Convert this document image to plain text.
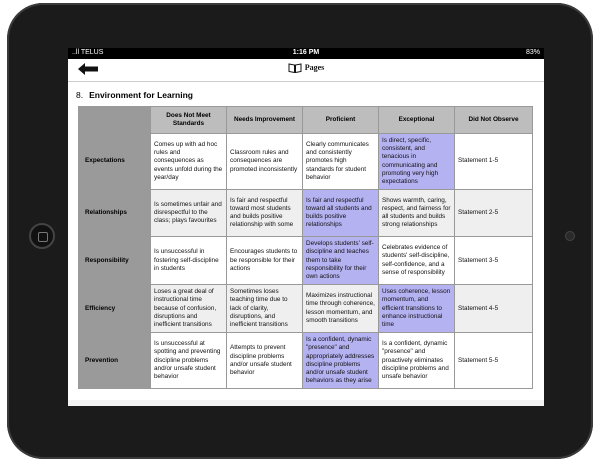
..ll TELUS	1:16 PM	83%
Pages
8. Environment for Learning
	Does Not Meet Standards	Needs Improvement	Proficient	Exceptional	Did Not Observe
Expectations	Comes up with ad hoc rules and consequences as events unfold during the year/day	Classroom rules and consequences are promoted inconsistently	Clearly communicates and consistently promotes high standards for student behavior	Is direct, specific, consistent, and tenacious in communicating and promoting very high expectations	Statement 1-5
Relationships	Is sometimes unfair and disrespectful to the class; plays favourites	Is fair and respectful toward most students and builds positive relationship with some	Is fair and respectful toward all students and builds positive relationships	Shows warmth, caring, respect, and fairness for all students and builds strong relationships	Statement 2-5
Responsibility	Is unsuccessful in fostering self-discipline in students	Encourages students to be responsible for their actions	Develops students' self-discipline and teaches them to take responsibility for their own actions	Celebrates evidence of students' self-discipline, self-confidence, and a sense of responsibility	Statement 3-5
Efficiency	Loses a great deal of instructional time because of confusion, disruptions and inefficient transitions	Sometimes loses teaching time due to lack of clarity, disruptions, and inefficient transitions	Maximizes instructional time through coherence, lesson momentum, and smooth transitions	Uses coherence, lesson momentum, and efficient transitions to enhance instructional time	Statement 4-5
Prevention	Is unsuccessful at spotting and preventing discipline problems and/or unsafe student behavior	Attempts to prevent discipline problems and/or unsafe student behavior	Is a confident, dynamic "presence" and appropriately addresses discipline problems and/or unsafe student behaviors as they arise	Is a confident, dynamic "presence" and proactively eliminates discipline problems and unsafe behavior	Statement 5-5
